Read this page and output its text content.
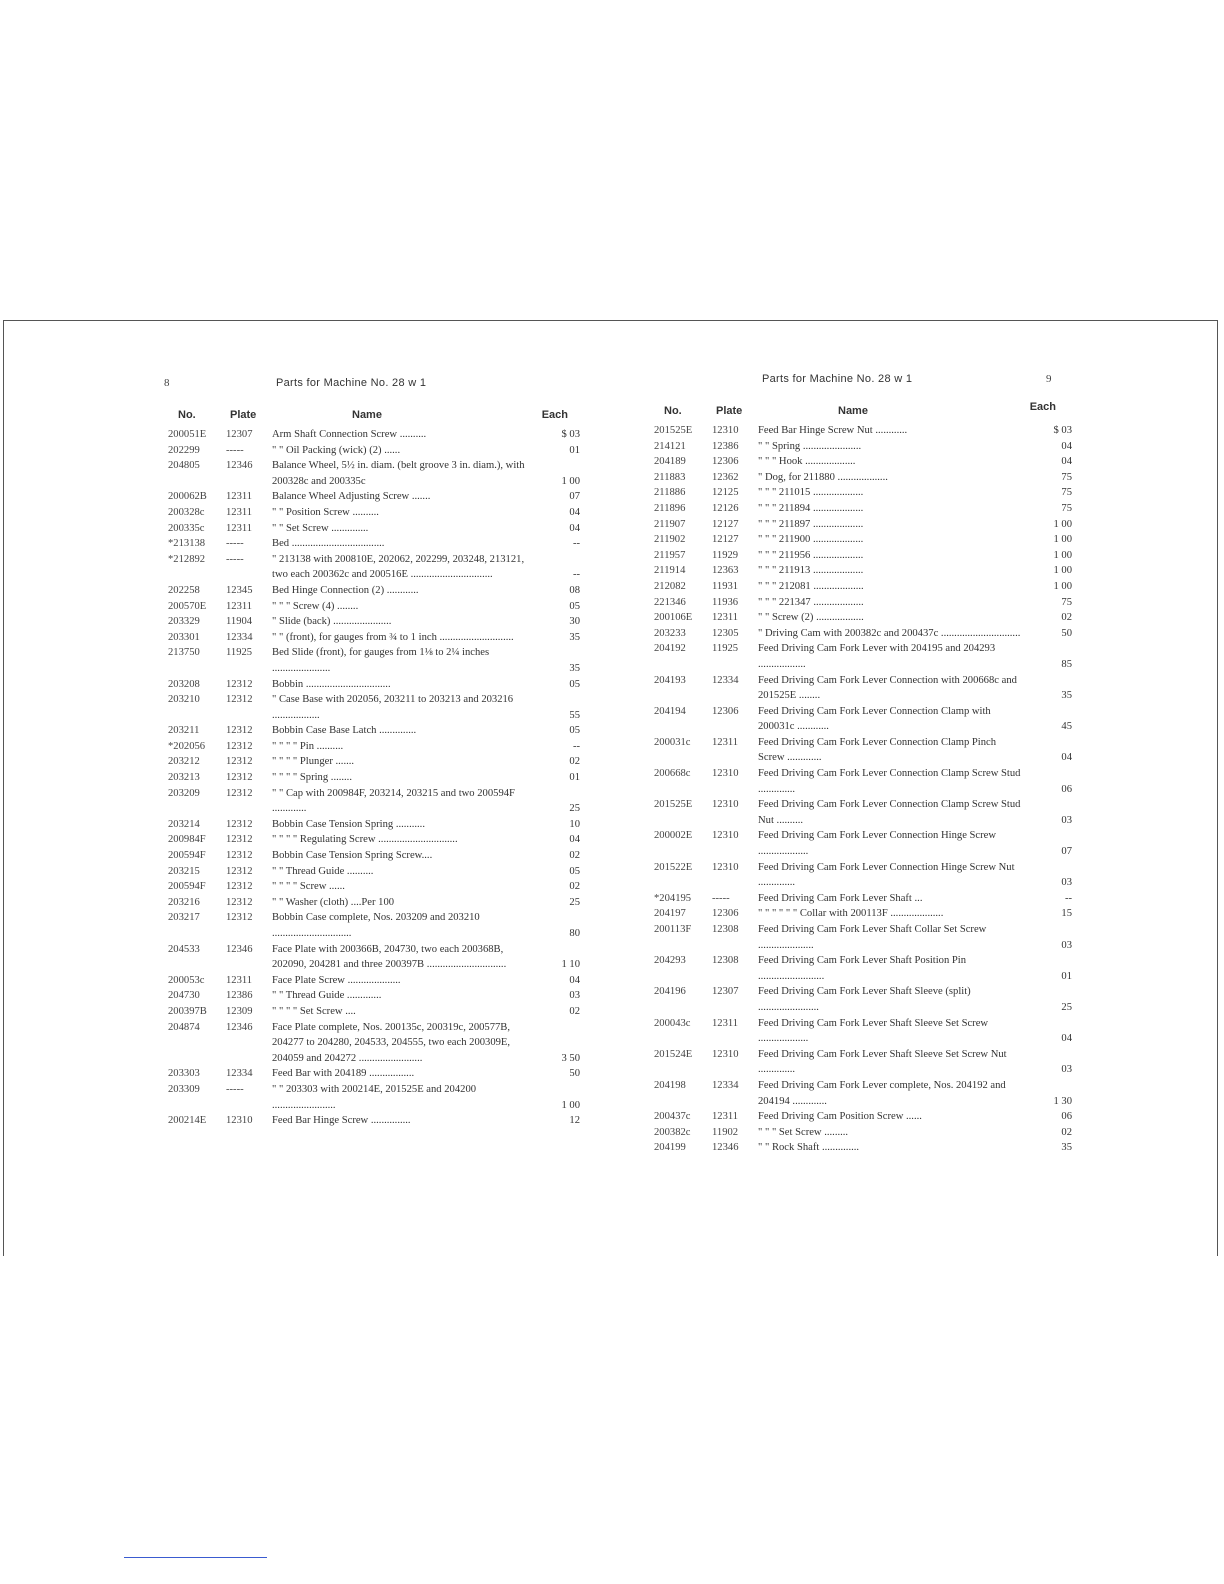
8	Parts for Machine No. 28 w 1
No.	Plate	Name	Each
200051E	12307	Arm Shaft Connection Screw ..........	$ 03
202299	-----	" " Oil Packing (wick) (2) ......	01
204805	12346	Balance Wheel, 5½ in. diam. (belt groove 3 in. diam.), with 200328c and 200335c	1 00
200062B	12311	Balance Wheel Adjusting Screw .......	07
200328c	12311	" " Position Screw ..........	04
200335c	12311	" " Set Screw ..............	04
*213138	-----	Bed ...................................	--
*212892	-----	" 213138 with 200810E, 202062, 202299, 203248, 213121, two each 200362c and 200516E ...............................	--
202258	12345	Bed Hinge Connection (2) ............	08
200570E	12311	" " " Screw (4) ........	05
203329	11904	" Slide (back) ......................	30
203301	12334	" " (front), for gauges from ¾ to 1 inch ............................	35
213750	11925	Bed Slide (front), for gauges from 1⅛ to 2¼ inches ......................	35
203208	12312	Bobbin ................................	05
203210	12312	" Case Base with 202056, 203211 to 203213 and 203216 ..................	55
203211	12312	Bobbin Case Base Latch ..............	05
*202056	12312	" " " " Pin ..........	--
203212	12312	" " " " Plunger .......	02
203213	12312	" " " " Spring ........	01
203209	12312	" " Cap with 200984F, 203214, 203215 and two 200594F .............	25
203214	12312	Bobbin Case Tension Spring ...........	10
200984F	12312	" " " " Regulating Screw ..............................	04
200594F	12312	Bobbin Case Tension Spring Screw....	02
203215	12312	" " Thread Guide ..........	05
200594F	12312	" " " " Screw ......	02
203216	12312	" " Washer (cloth) ....Per 100	25
203217	12312	Bobbin Case complete, Nos. 203209 and 203210 ..............................	80
204533	12346	Face Plate with 200366B, 204730, two each 200368B, 202090, 204281 and three 200397B ..............................	1 10
200053c	12311	Face Plate Screw ....................	04
204730	12386	" " Thread Guide .............	03
200397B	12309	" " " " Set Screw ....	02
204874	12346	Face Plate complete, Nos. 200135c, 200319c, 200577B, 204277 to 204280, 204533, 204555, two each 200309E, 204059 and 204272 ........................	3 50
203303	12334	Feed Bar with 204189 .................	50
203309	-----	" " 203303 with 200214E, 201525E and 204200 ........................	1 00
200214E	12310	Feed Bar Hinge Screw ...............	12
Parts for Machine No. 28 w 1	9
No.	Plate	Name	Each
201525E	12310	Feed Bar Hinge Screw Nut ............	$ 03
214121	12386	" " Spring ......................	04
204189	12306	" " " Hook ...................	04
211883	12362	" Dog, for 211880 ...................	75
211886	12125	" " " 211015 ...................	75
211896	12126	" " " 211894 ...................	75
211907	12127	" " " 211897 ...................	1 00
211902	12127	" " " 211900 ...................	1 00
211957	11929	" " " 211956 ...................	1 00
211914	12363	" " " 211913 ...................	1 00
212082	11931	" " " 212081 ...................	1 00
221346	11936	" " " 221347 ...................	75
200106E	12311	" " Screw (2) ..................	02
203233	12305	" Driving Cam with 200382c and 200437c ..............................	50
204192	11925	Feed Driving Cam Fork Lever with 204195 and 204293 ..................	85
204193	12334	Feed Driving Cam Fork Lever Connection with 200668c and 201525E ........	35
204194	12306	Feed Driving Cam Fork Lever Connection Clamp with 200031c ............	45
200031c	12311	Feed Driving Cam Fork Lever Connection Clamp Pinch Screw .............	04
200668c	12310	Feed Driving Cam Fork Lever Connection Clamp Screw Stud ..............	06
201525E	12310	Feed Driving Cam Fork Lever Connection Clamp Screw Stud Nut ..........	03
200002E	12310	Feed Driving Cam Fork Lever Connection Hinge Screw ...................	07
201522E	12310	Feed Driving Cam Fork Lever Connection Hinge Screw Nut ..............	03
*204195	-----	Feed Driving Cam Fork Lever Shaft ...	--
204197	12306	" " " " " " Collar with 200113F ....................	15
200113F	12308	Feed Driving Cam Fork Lever Shaft Collar Set Screw .....................	03
204293	12308	Feed Driving Cam Fork Lever Shaft Position Pin .........................	01
204196	12307	Feed Driving Cam Fork Lever Shaft Sleeve (split) .......................	25
200043c	12311	Feed Driving Cam Fork Lever Shaft Sleeve Set Screw ...................	04
201524E	12310	Feed Driving Cam Fork Lever Shaft Sleeve Set Screw Nut ..............	03
204198	12334	Feed Driving Cam Fork Lever complete, Nos. 204192 and 204194 .............	1 30
200437c	12311	Feed Driving Cam Position Screw ......	06
200382c	11902	" " " Set Screw .........	02
204199	12346	" " Rock Shaft ..............	35
